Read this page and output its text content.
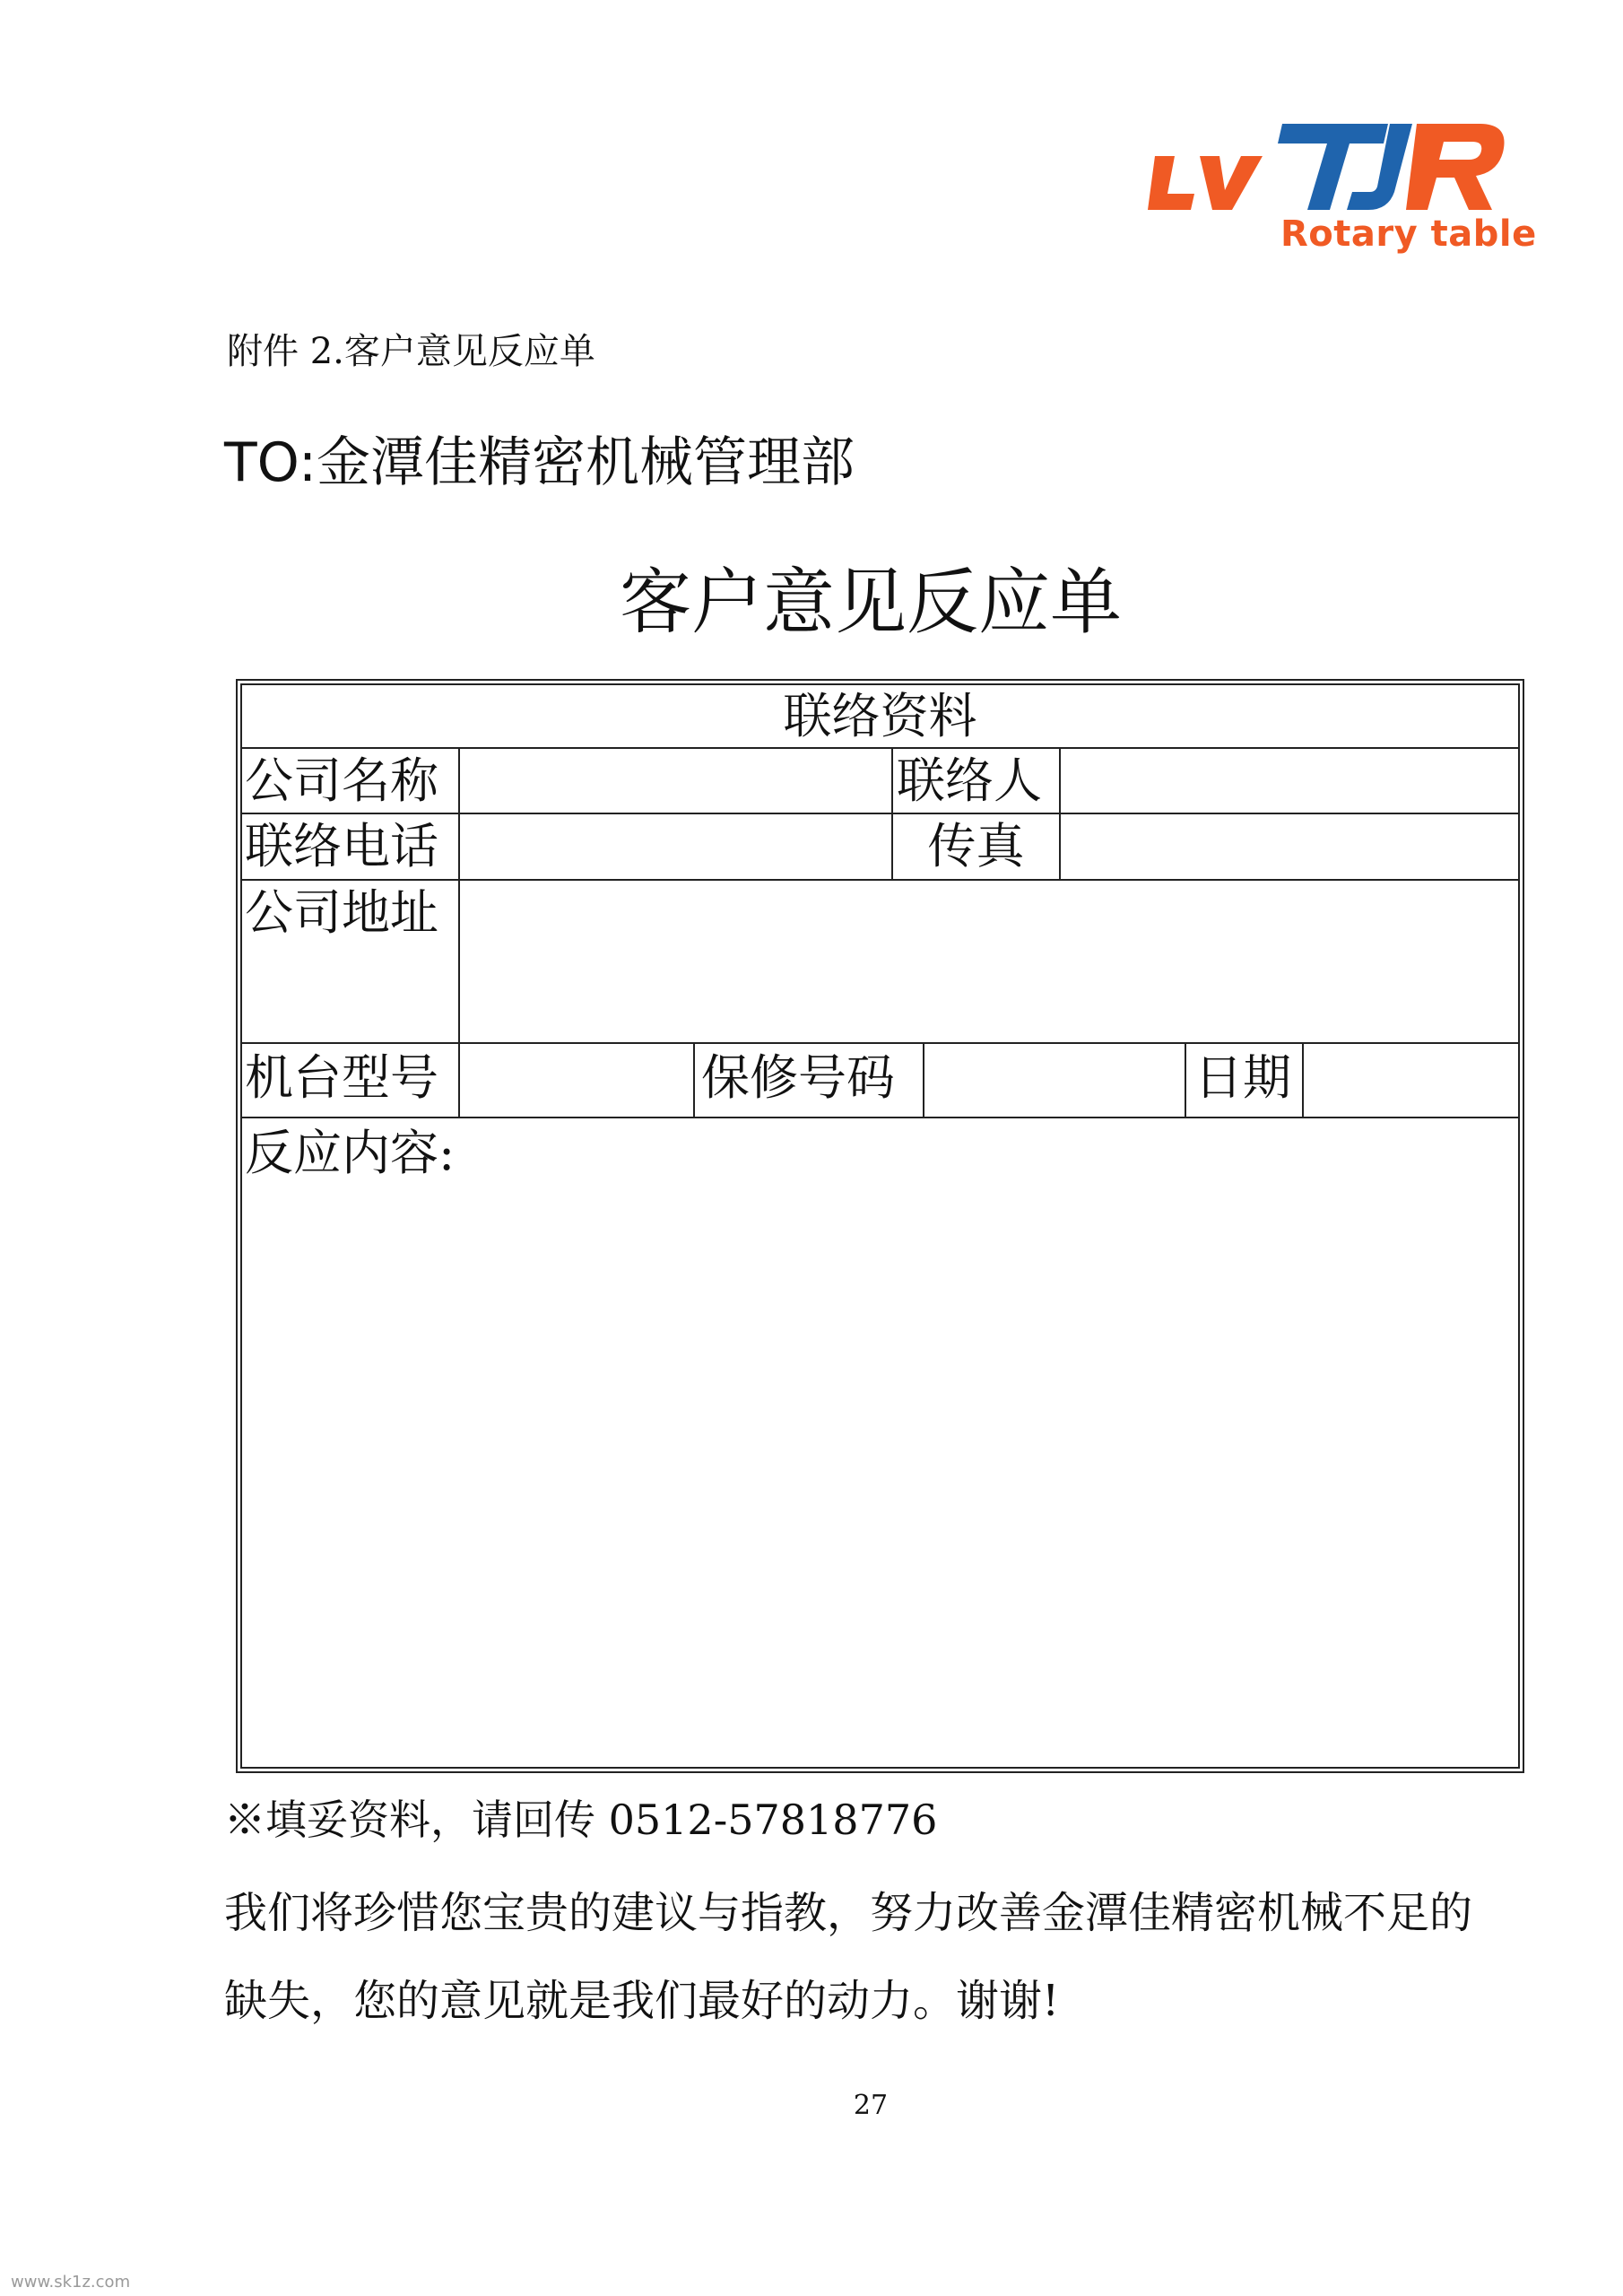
Rotary table
附件 2.客户意见反应单
TO:金潭佳精密机械管理部
客户意见反应单
联络资料
公司名称	联络人
联络电话	传真
公司地址
机台型号	保修号码	日期
反应内容:
※填妥资料，请回传 0512-57818776
我们将珍惜您宝贵的建议与指教，努力改善金潭佳精密机械不足的
缺失，您的意见就是我们最好的动力。谢谢!
27
www.sk1z.com
